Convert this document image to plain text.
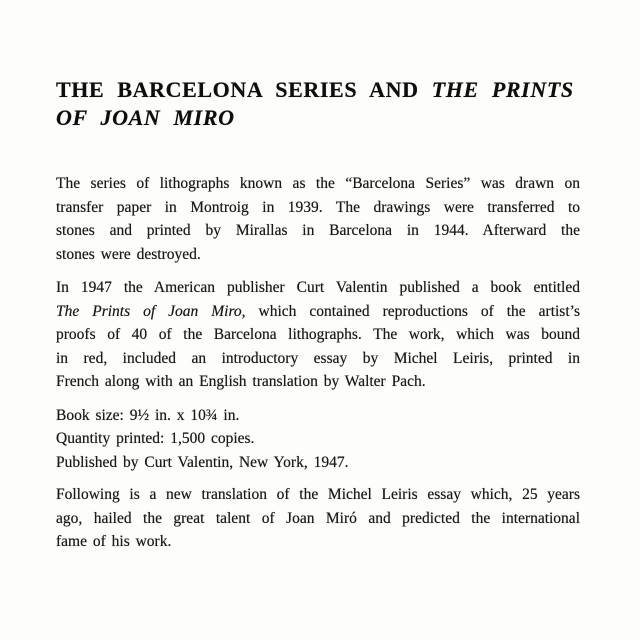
THE BARCELONA SERIES AND THE PRINTS
OF JOAN MIRO
The series of lithographs known as the “Barcelona Series” was drawn on
transfer paper in Montroig in 1939. The drawings were transferred to
stones and printed by Mirallas in Barcelona in 1944. Afterward the
stones were destroyed.
In 1947 the American publisher Curt Valentin published a book entitled
The Prints of Joan Miro, which contained reproductions of the artist’s
proofs of 40 of the Barcelona lithographs. The work, which was bound
in red, included an introductory essay by Michel Leiris, printed in
French along with an English translation by Walter Pach.
Book size: 9½ in. x 10¾ in.
Quantity printed: 1,500 copies.
Published by Curt Valentin, New York, 1947.
Following is a new translation of the Michel Leiris essay which, 25 years
ago, hailed the great talent of Joan Miró and predicted the international
fame of his work.
